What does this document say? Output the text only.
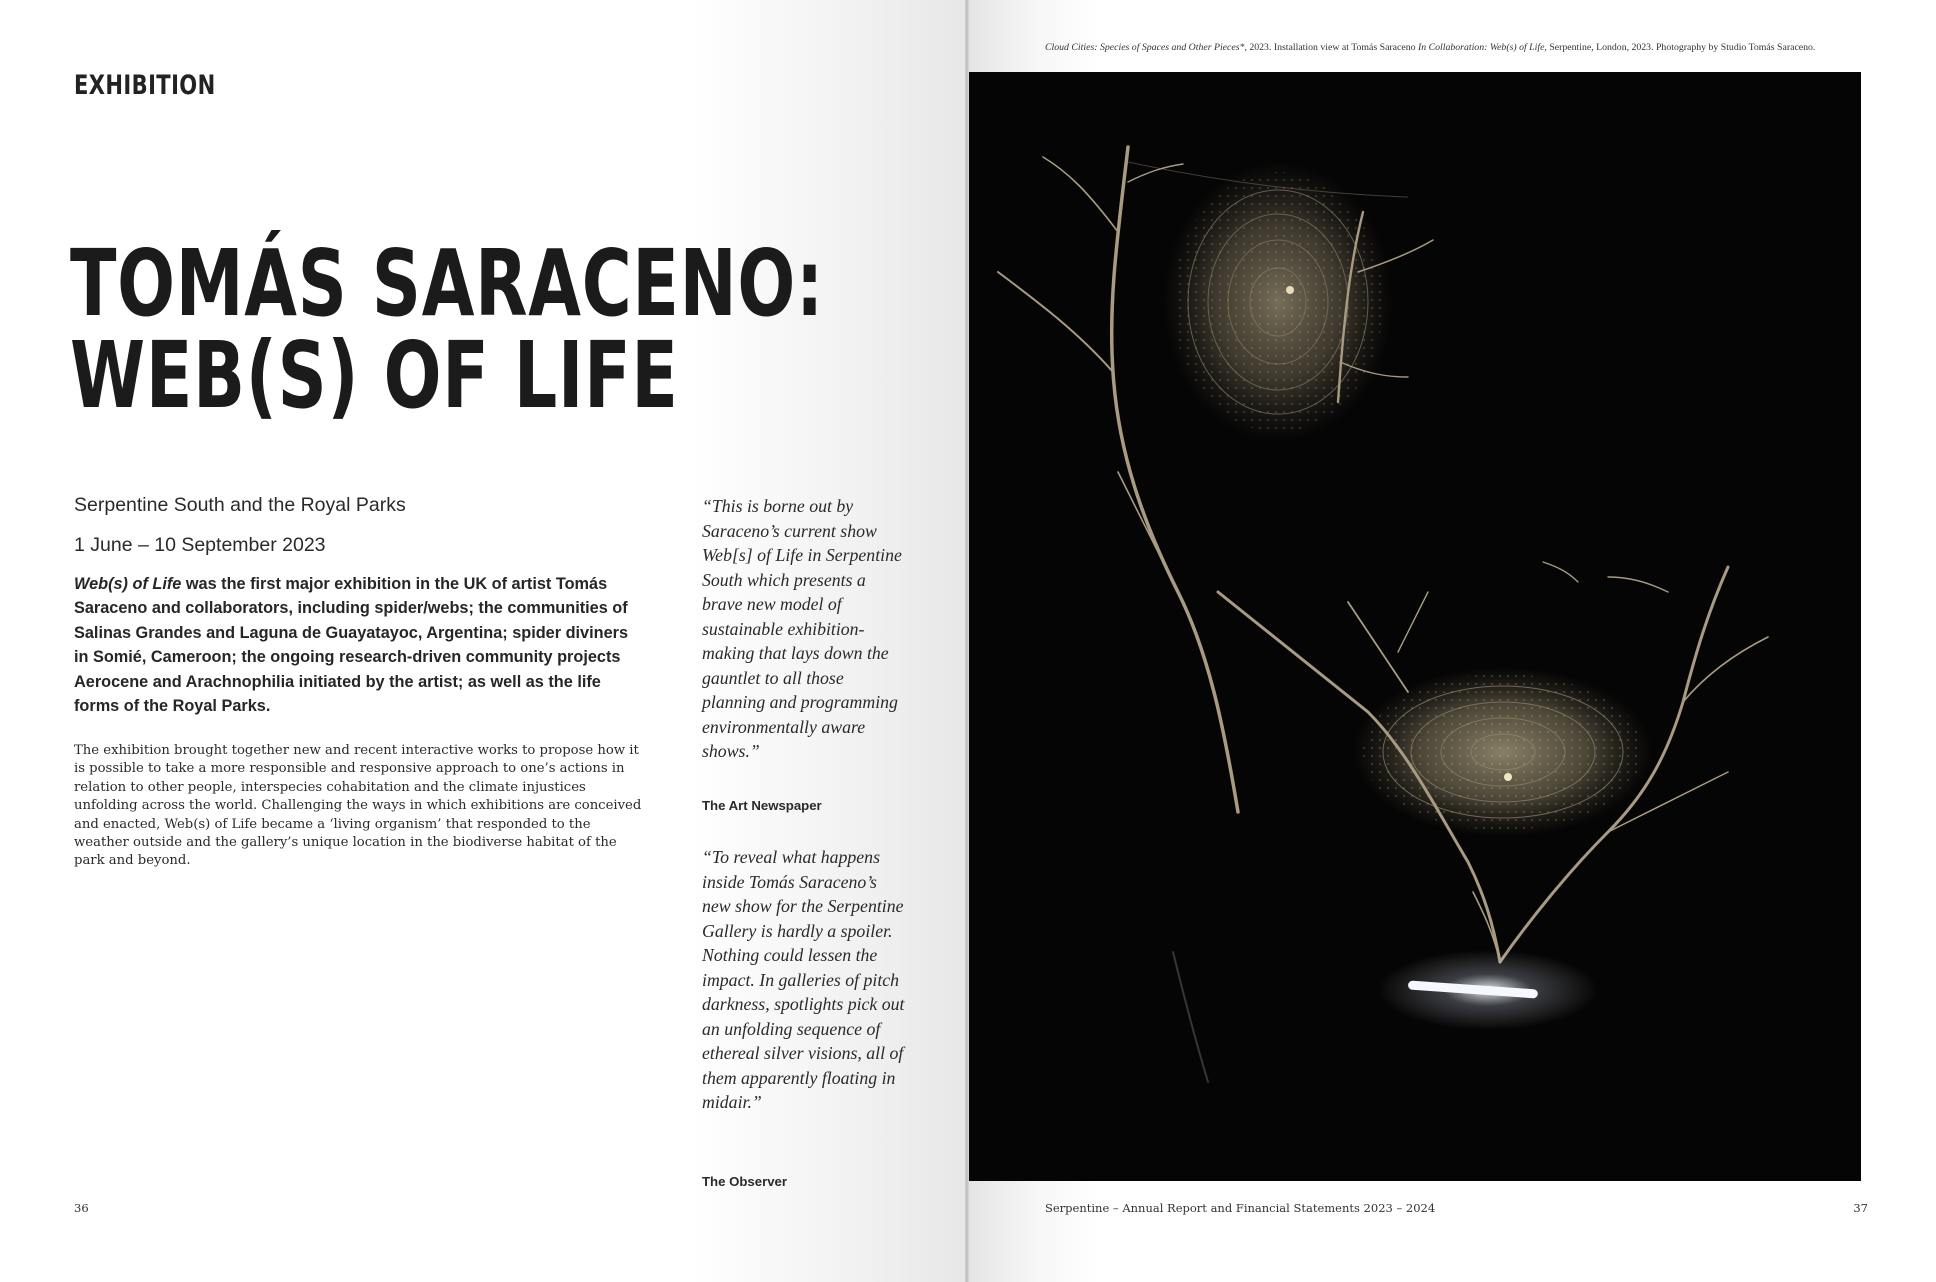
EXHIBITION
TOMÁS SARACENO:
WEB(S) OF LIFE
Serpentine South and the Royal Parks
1 June – 10 September 2023

Web(s) of Life was the first major exhibition in the UK of artist Tomás Saraceno and collaborators, including spider/webs; the communities of Salinas Grandes and Laguna de Guayatayoc, Argentina; spider diviners in Somié, Cameroon; the ongoing research-driven community projects Aerocene and Arachnophilia initiated by the artist; as well as the life forms of the Royal Parks.

The exhibition brought together new and recent interactive works to propose how it is possible to take a more responsible and responsive approach to one’s actions in relation to other people, interspecies cohabitation and the climate injustices unfolding across the world. Challenging the ways in which exhibitions are conceived and enacted, Web(s) of Life became a ‘living organism’ that responded to the weather outside and the gallery’s unique location in the biodiverse habitat of the park and beyond.

“This is borne out by Saraceno’s current show Web[s] of Life in Serpentine South which presents a brave new model of sustainable exhibition-making that lays down the gauntlet to all those planning and programming environmentally aware shows.”

The Art Newspaper

“To reveal what happens inside Tomás Saraceno’s new show for the Serpentine Gallery is hardly a spoiler. Nothing could lessen the impact. In galleries of pitch darkness, spotlights pick out an unfolding sequence of ethereal silver visions, all of them apparently floating in midair.”

The Observer
36
Cloud Cities: Species of Spaces and Other Pieces*, 2023. Installation view at Tomás Saraceno In Collaboration: Web(s) of Life, Serpentine, London, 2023. Photography by Studio Tomás Saraceno.
Serpentine – Annual Report and Financial Statements 2023 – 2024	37
